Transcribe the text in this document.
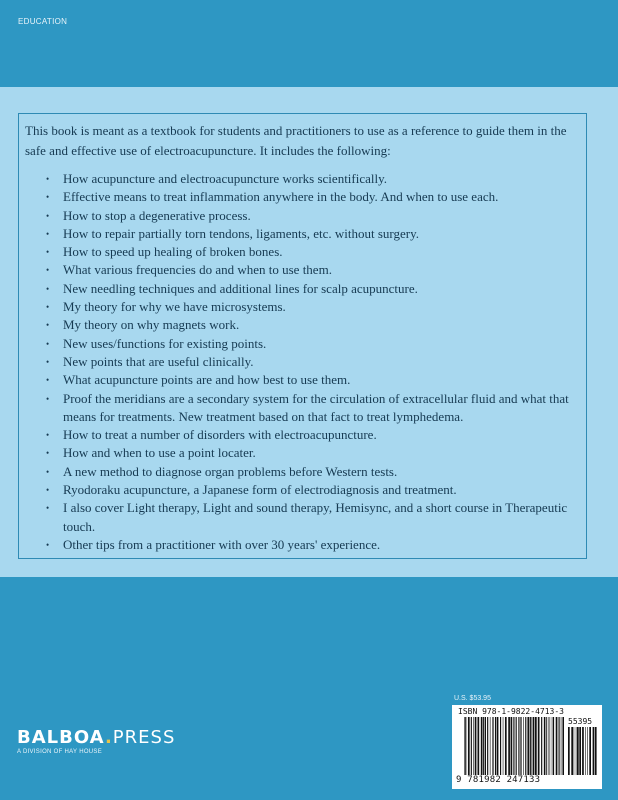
EDUCATION

This book is meant as a textbook for students and practitioners to use as a reference to guide them in the safe and effective use of electroacupuncture. It includes the following:

• How acupuncture and electroacupuncture works scientifically.
• Effective means to treat inflammation anywhere in the body. And when to use each.
• How to stop a degenerative process.
• How to repair partially torn tendons, ligaments, etc. without surgery.
• How to speed up healing of broken bones.
• What various frequencies do and when to use them.
• New needling techniques and additional lines for scalp acupuncture.
• My theory for why we have microsystems.
• My theory on why magnets work.
• New uses/functions for existing points.
• New points that are useful clinically.
• What acupuncture points are and how best to use them.
• Proof the meridians are a secondary system for the circulation of extracellular fluid and what that means for treatments. New treatment based on that fact to treat lymphedema.
• How to treat a number of disorders with electroacupuncture.
• How and when to use a point locater.
• A new method to diagnose organ problems before Western tests.
• Ryodoraku acupuncture, a Japanese form of electrodiagnosis and treatment.
• I also cover Light therapy, Light and sound therapy, Hemisync, and a short course in Therapeutic touch.
• Other tips from a practitioner with over 30 years' experience.
BALBOA.PRESS
A DIVISION OF HAY HOUSE
U.S. $53.95
ISBN 978-1-9822-4713-3
55395
9 781982 247133
